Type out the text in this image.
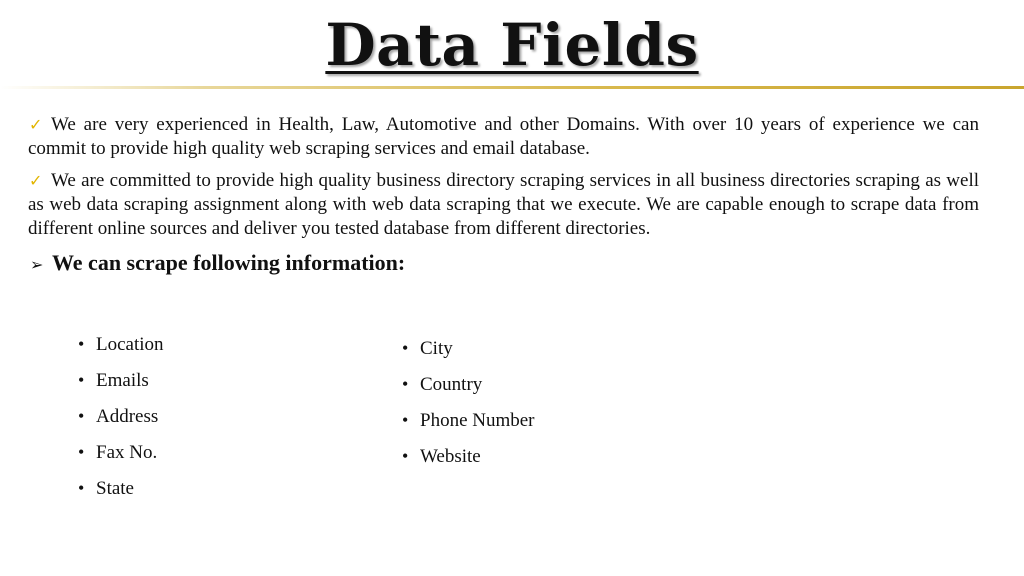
Data Fields

✓ We are very experienced in Health, Law, Automotive and other Domains. With over 10 years of experience we can commit to provide high quality web scraping services and email database.

✓ We are committed to provide high quality business directory scraping services in all business directories scraping as well as web data scraping assignment along with web data scraping that we execute. We are capable enough to scrape data from different online sources and deliver you tested database from different directories.

➢ We can scrape following information:

• Location
• Emails
• Address
• Fax No.
• State
• City
• Country
• Phone Number
• Website
